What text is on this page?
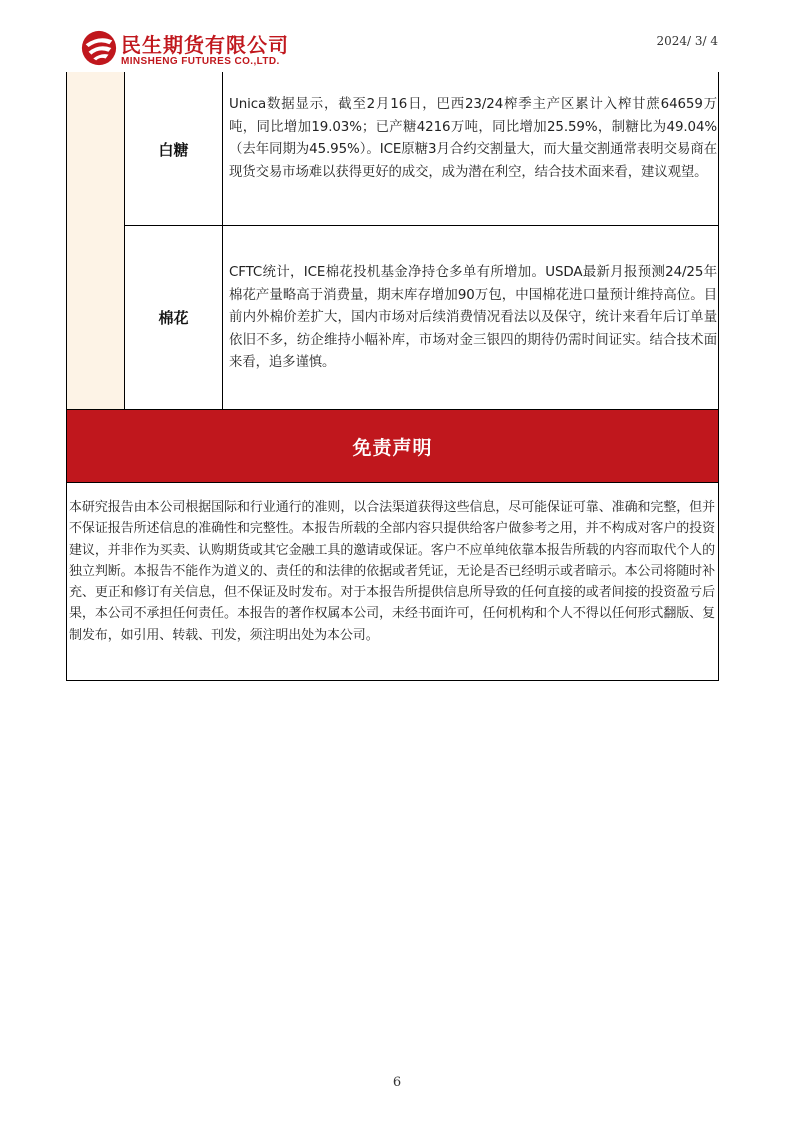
民生期货有限公司
MINSHENG FUTURES CO.,LTD.
2024/ 3/ 4
白糖
Unica数据显示，截至2月16日，巴西23/24榨季主产区累计入榨甘蔗64659万吨，同比增加19.03%；已产糖4216万吨，同比增加25.59%，制糖比为49.04%（去年同期为45.95%）。ICE原糖3月合约交割量大，而大量交割通常表明交易商在现货交易市场难以获得更好的成交，成为潜在利空，结合技术面来看，建议观望。
棉花
CFTC统计，ICE棉花投机基金净持仓多单有所增加。USDA最新月报预测24/25年棉花产量略高于消费量，期末库存增加90万包，中国棉花进口量预计维持高位。目前内外棉价差扩大，国内市场对后续消费情况看法以及保守，统计来看年后订单量依旧不多，纺企维持小幅补库，市场对金三银四的期待仍需时间证实。结合技术面来看，追多谨慎。
免责声明
本研究报告由本公司根据国际和行业通行的准则，以合法渠道获得这些信息，尽可能保证可靠、准确和完整，但并不保证报告所述信息的准确性和完整性。本报告所载的全部内容只提供给客户做参考之用，并不构成对客户的投资建议，并非作为买卖、认购期货或其它金融工具的邀请或保证。客户不应单纯依靠本报告所载的内容而取代个人的独立判断。本报告不能作为道义的、责任的和法律的依据或者凭证，无论是否已经明示或者暗示。本公司将随时补充、更正和修订有关信息，但不保证及时发布。对于本报告所提供信息所导致的任何直接的或者间接的投资盈亏后果，本公司不承担任何责任。本报告的著作权属本公司，未经书面许可，任何机构和个人不得以任何形式翻版、复制发布，如引用、转载、刊发，须注明出处为本公司。
6
